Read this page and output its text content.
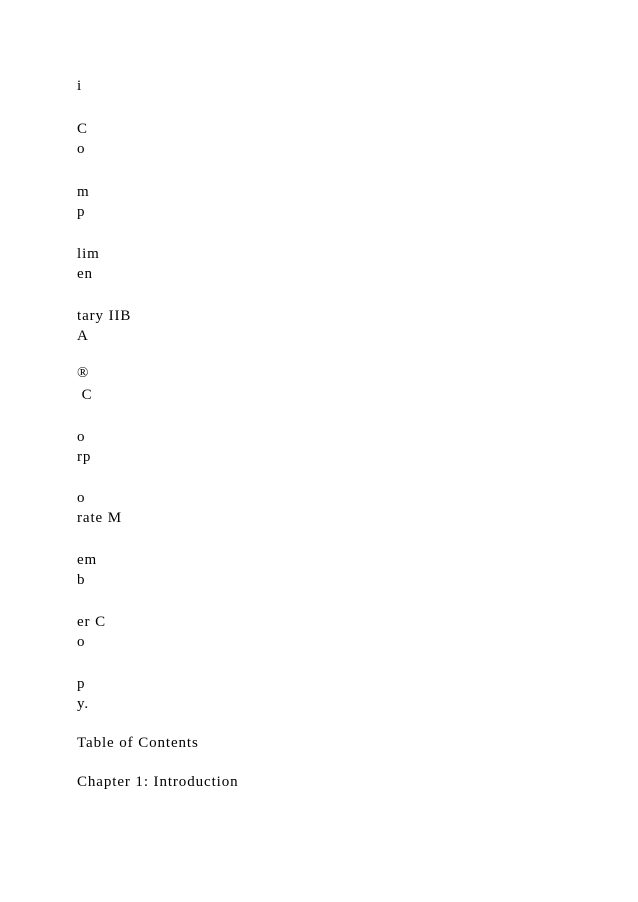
i

C

o

m

p

lim

en

tary IIB

A

®

C

o

rp

o

rate M

em

b

er C

o

p

y.

Table of Contents

Chapter 1: Introduction
